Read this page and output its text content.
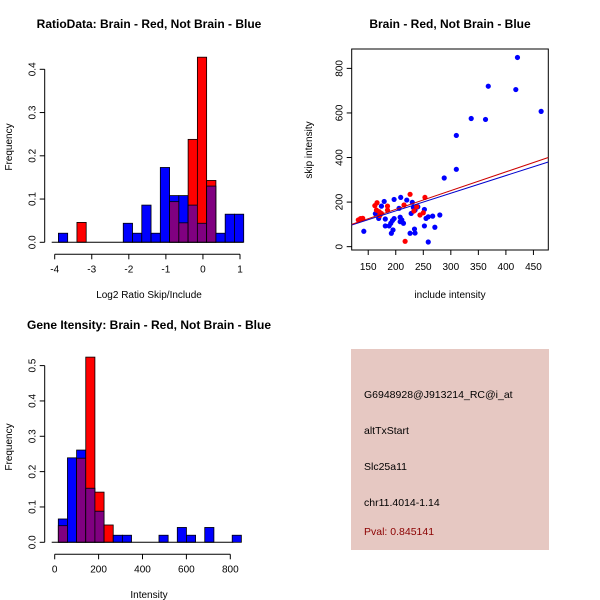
RatioData: Brain - Red, Not Brain - Blue
Log2 Ratio Skip/Include
Frequency
Brain - Red, Not Brain - Blue
include intensity
skip intensity
Gene Itensity: Brain - Red, Not Brain - Blue
Intensity
Frequency
-4	-3	-2	-1	0	1
0.0
0.1
0.2
0.3
0.4
0	200	400	600	800
0.0
0.1
0.2
0.3
0.4
0.5
150 200 250 300 350 400 450
0
200
400
600
800
G6948928@J913214_RC@i_at
altTxStart
Slc25a11
chr11.4014-1.14
Pval: 0.845141
